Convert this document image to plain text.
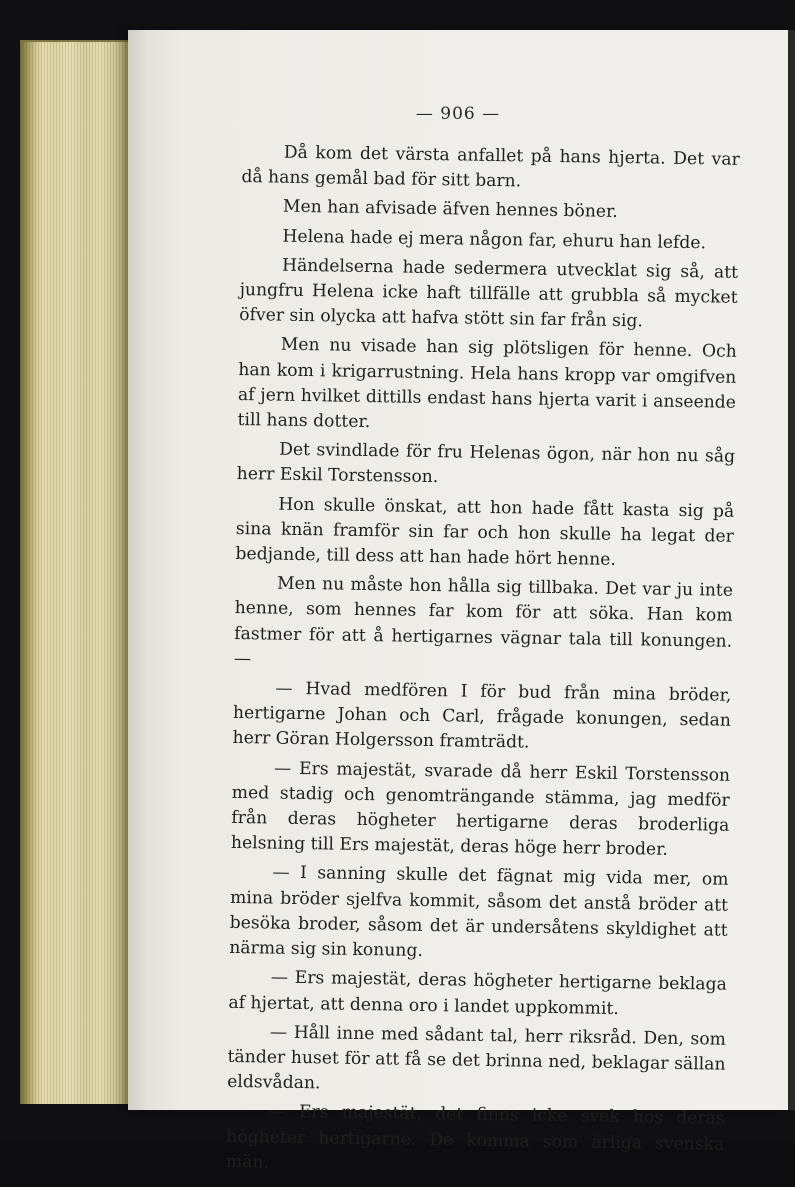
— 906 —

Då kom det värsta anfallet på hans hjerta. Det var då hans gemål bad för sitt barn.

Men han afvisade äfven hennes böner.

Helena hade ej mera någon far, ehuru han lefde.

Händelserna hade sedermera utvecklat sig så, att jungfru Helena icke haft tillfälle att grubbla så mycket öfver sin olycka att hafva stött sin far från sig.

Men nu visade han sig plötsligen för henne. Och han kom i krigarrustning. Hela hans kropp var omgifven af jern hvilket dittills endast hans hjerta varit i anseende till hans dotter.

Det svindlade för fru Helenas ögon, när hon nu såg herr Eskil Torstensson.

Hon skulle önskat, att hon hade fått kasta sig på sina knän framför sin far och hon skulle ha legat der bedjande, till dess att han hade hört henne.

Men nu måste hon hålla sig tillbaka. Det var ju inte henne, som hennes far kom för att söka. Han kom fastmer för att å hertigarnes vägnar tala till konungen. —

— Hvad medfören I för bud från mina bröder, hertigarne Johan och Carl, frågade konungen, sedan herr Göran Holgersson framträdt.

— Ers majestät, svarade då herr Eskil Torstensson med stadig och genomträngande stämma, jag medför från deras högheter hertigarne deras broderliga helsning till Ers majestät, deras höge herr broder.

— I sanning skulle det fägnat mig vida mer, om mina bröder sjelfva kommit, såsom det anstå bröder att besöka broder, såsom det är undersåtens skyldighet att närma sig sin konung.

— Ers majestät, deras högheter hertigarne beklaga af hjertat, att denna oro i landet uppkommit.

— Håll inne med sådant tal, herr riksråd. Den, som tänder huset för att få se det brinna ned, beklagar sällan eldsvådan.

— Ers majestät, det finns icke svek hos deras högheter hertigarne. De komma som ärliga svenska män.
